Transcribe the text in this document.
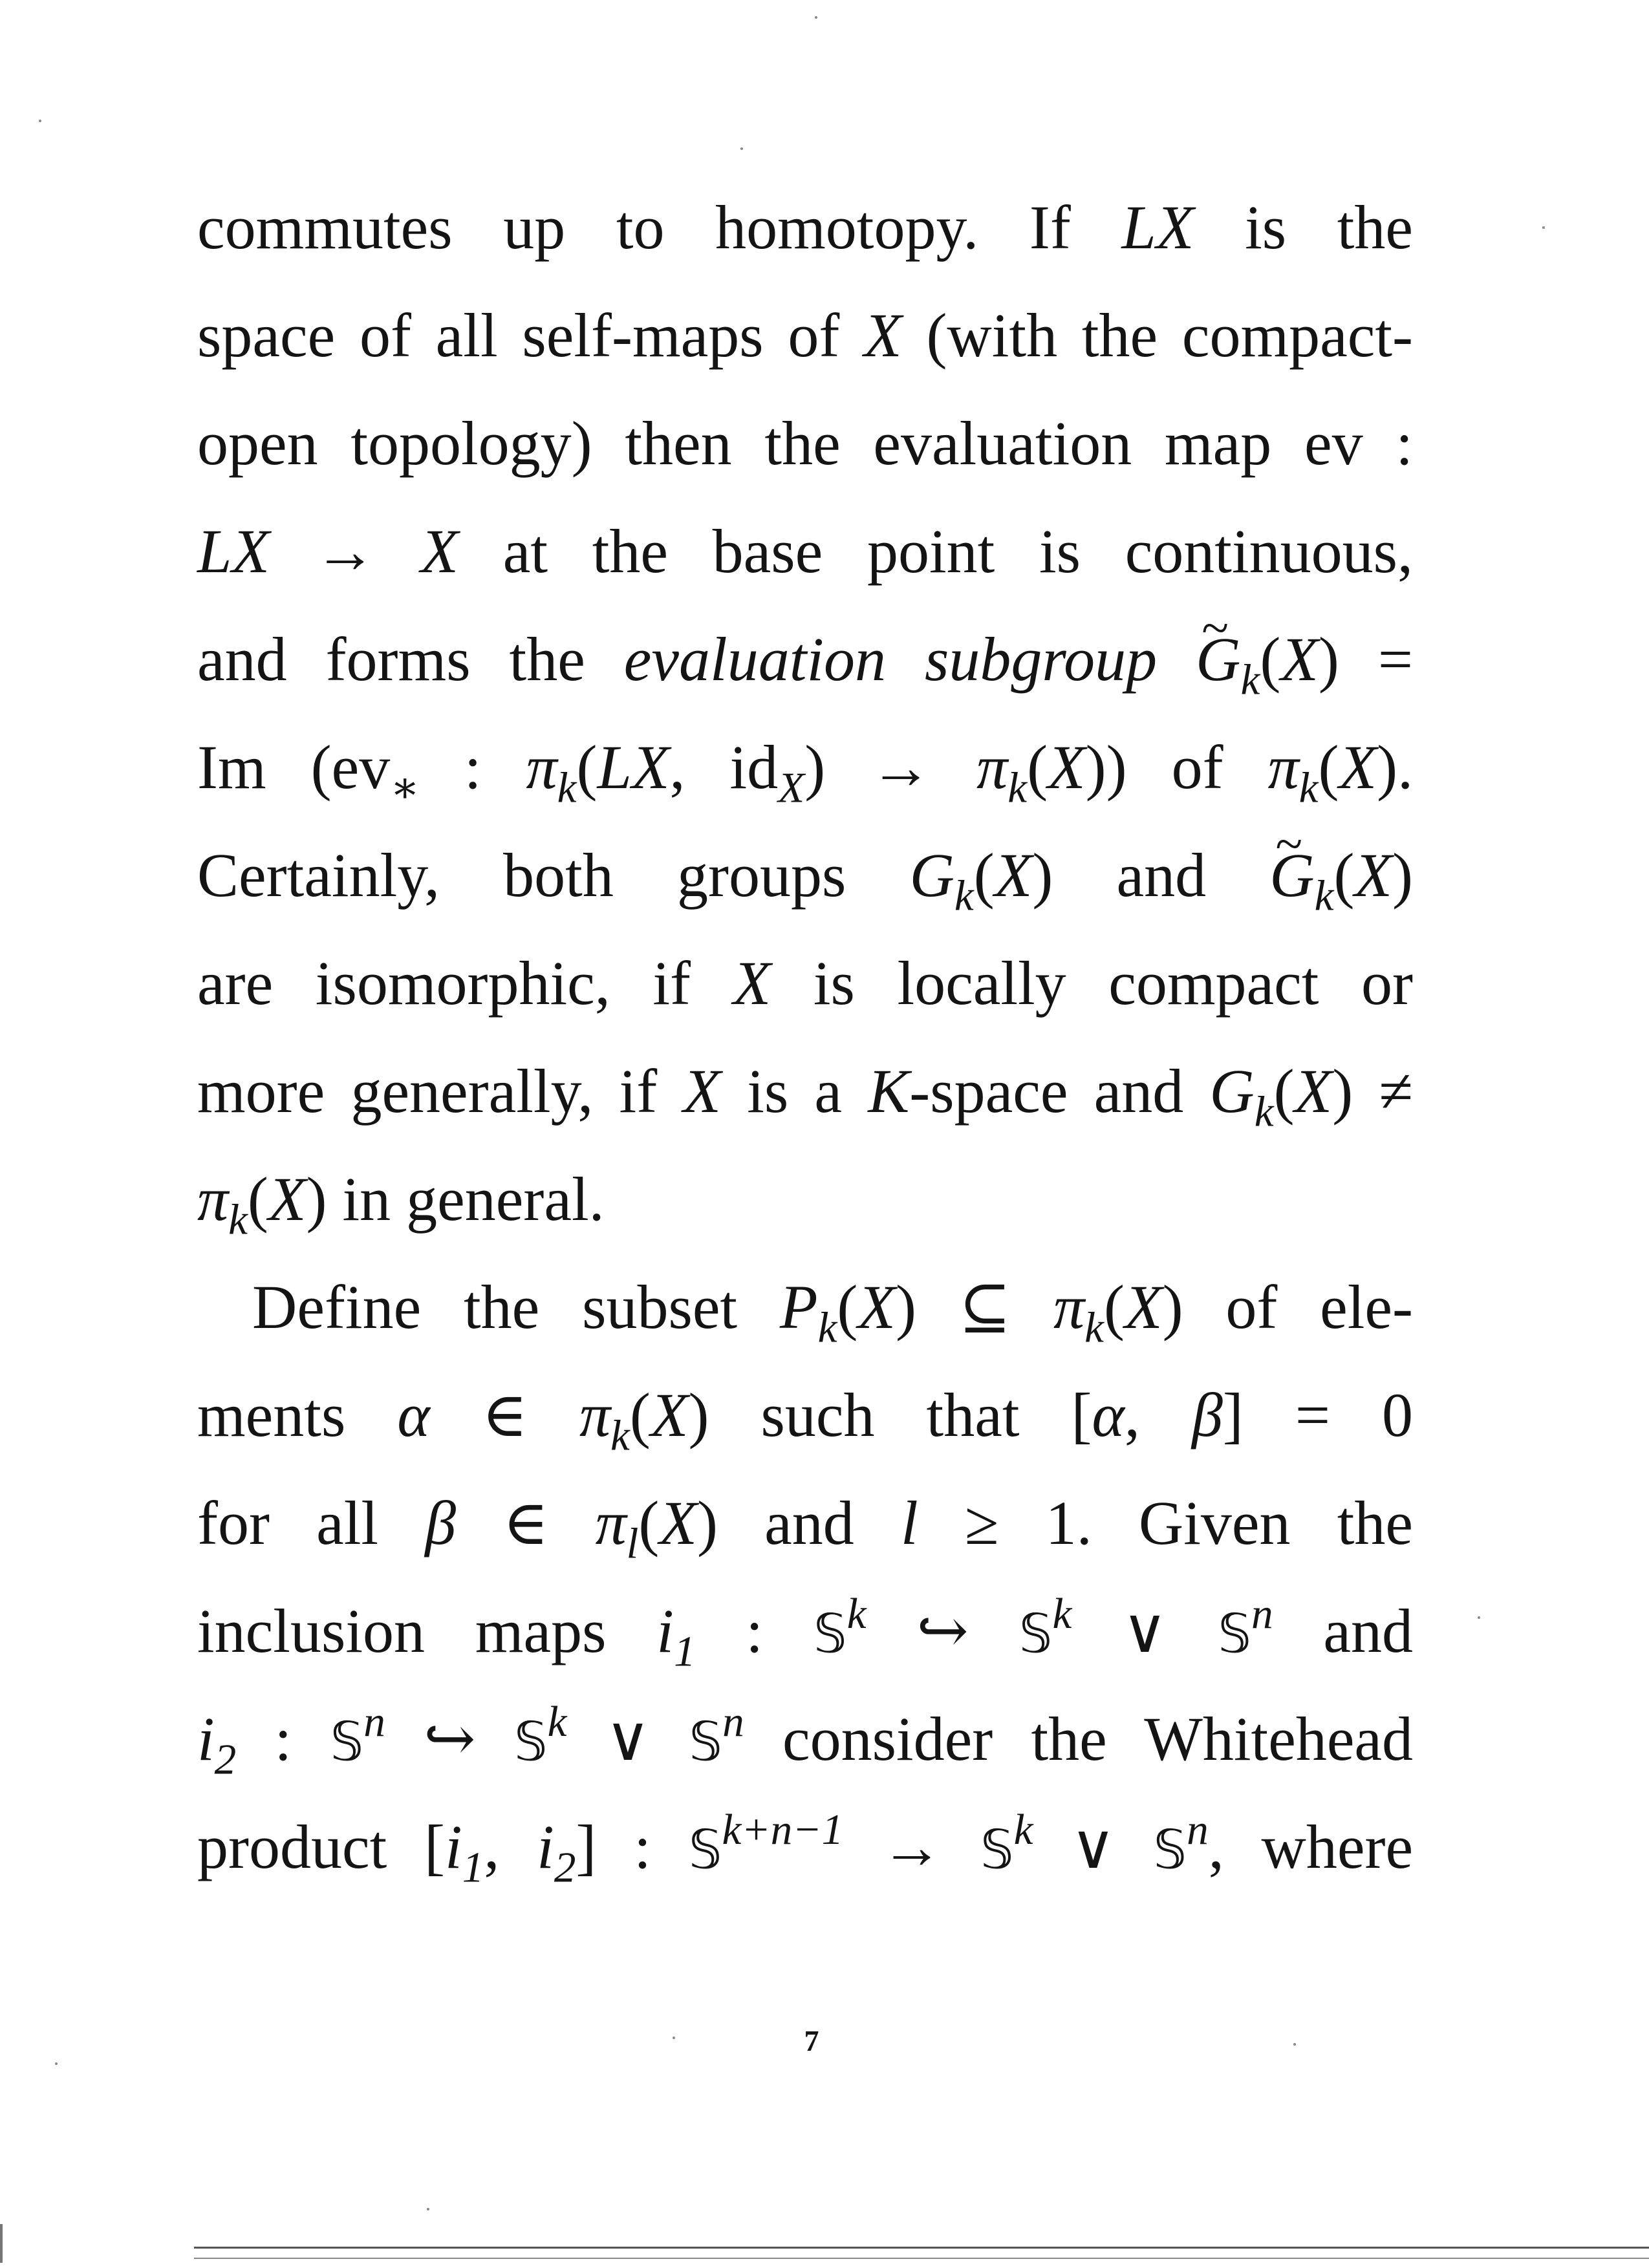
commutes up to homotopy. If LX is the
space of all self-maps of X (with the compact-
open topology) then the evaluation map ev :
LX → X at the base point is continuous,
and forms the evaluation subgroup ~ $G_k(X)$ =
Im ($ev_∗$ : $\pi_k(LX$, $id_X) \to \pi_k(X)$) of $\pi_k(X)$.
Certainly, both groups $G_k(X)$ and ~ $G_k(X)$
are isomorphic, if X is locally compact or
more generally, if X is a K-space and $G_k(X)$ ≠
$\pi_k(X)$ in general.
Define the subset $P_k(X)$ ⊆ $\pi_k(X)$ of ele-
ments α ∈ $\pi_k(X)$ such that [α, β] = 0
for all β ∈ $\pi_l(X)$ and l ≥ 1. Given the
inclusion maps $i_1$ : 𝕊$^k$ ↪ 𝕊$^k$ ∨ 𝕊$^n$ and
$i_2$ : 𝕊$^n$ ↪ 𝕊$^k$ ∨ 𝕊$^n$ consider the Whitehead
product [$i_1$, $i_2$] : 𝕊$^{k+n-1}$ → 𝕊$^k$ ∨ 𝕊$^n$, where
7
